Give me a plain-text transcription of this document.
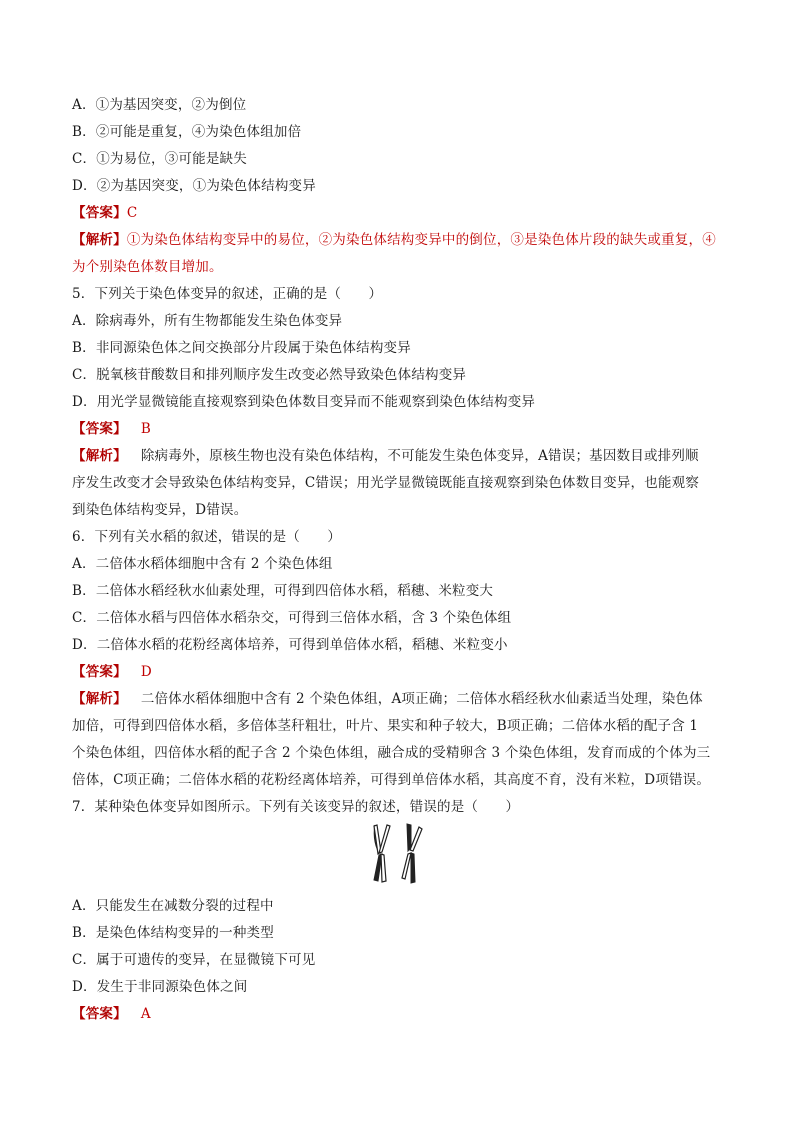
A．①为基因突变，②为倒位
B．②可能是重复，④为染色体组加倍
C．①为易位，③可能是缺失
D．②为基因突变，①为染色体结构变异
【答案】C
【解析】①为染色体结构变异中的易位，②为染色体结构变异中的倒位，③是染色体片段的缺失或重复，④
为个别染色体数目增加。
5．下列关于染色体变异的叙述，正确的是（　　）
A．除病毒外，所有生物都能发生染色体变异
B．非同源染色体之间交换部分片段属于染色体结构变异
C．脱氧核苷酸数目和排列顺序发生改变必然导致染色体结构变异
D．用光学显微镜能直接观察到染色体数目变异而不能观察到染色体结构变异
【答案】 B
【解析】 除病毒外，原核生物也没有染色体结构，不可能发生染色体变异，A错误；基因数目或排列顺
序发生改变才会导致染色体结构变异，C错误；用光学显微镜既能直接观察到染色体数目变异，也能观察
到染色体结构变异，D错误。
6．下列有关水稻的叙述，错误的是（　　）
A．二倍体水稻体细胞中含有 2 个染色体组
B．二倍体水稻经秋水仙素处理，可得到四倍体水稻，稻穗、米粒变大
C．二倍体水稻与四倍体水稻杂交，可得到三倍体水稻，含 3 个染色体组
D．二倍体水稻的花粉经离体培养，可得到单倍体水稻，稻穗、米粒变小
【答案】 D
【解析】 二倍体水稻体细胞中含有 2 个染色体组，A项正确；二倍体水稻经秋水仙素适当处理，染色体
加倍，可得到四倍体水稻，多倍体茎秆粗壮，叶片、果实和种子较大，B项正确；二倍体水稻的配子含 1
个染色体组，四倍体水稻的配子含 2 个染色体组，融合成的受精卵含 3 个染色体组，发育而成的个体为三
倍体，C项正确；二倍体水稻的花粉经离体培养，可得到单倍体水稻，其高度不育，没有米粒，D项错误。
7．某种染色体变异如图所示。下列有关该变异的叙述，错误的是（　　）
A．只能发生在减数分裂的过程中
B．是染色体结构变异的一种类型
C．属于可遗传的变异，在显微镜下可见
D．发生于非同源染色体之间
【答案】 A
